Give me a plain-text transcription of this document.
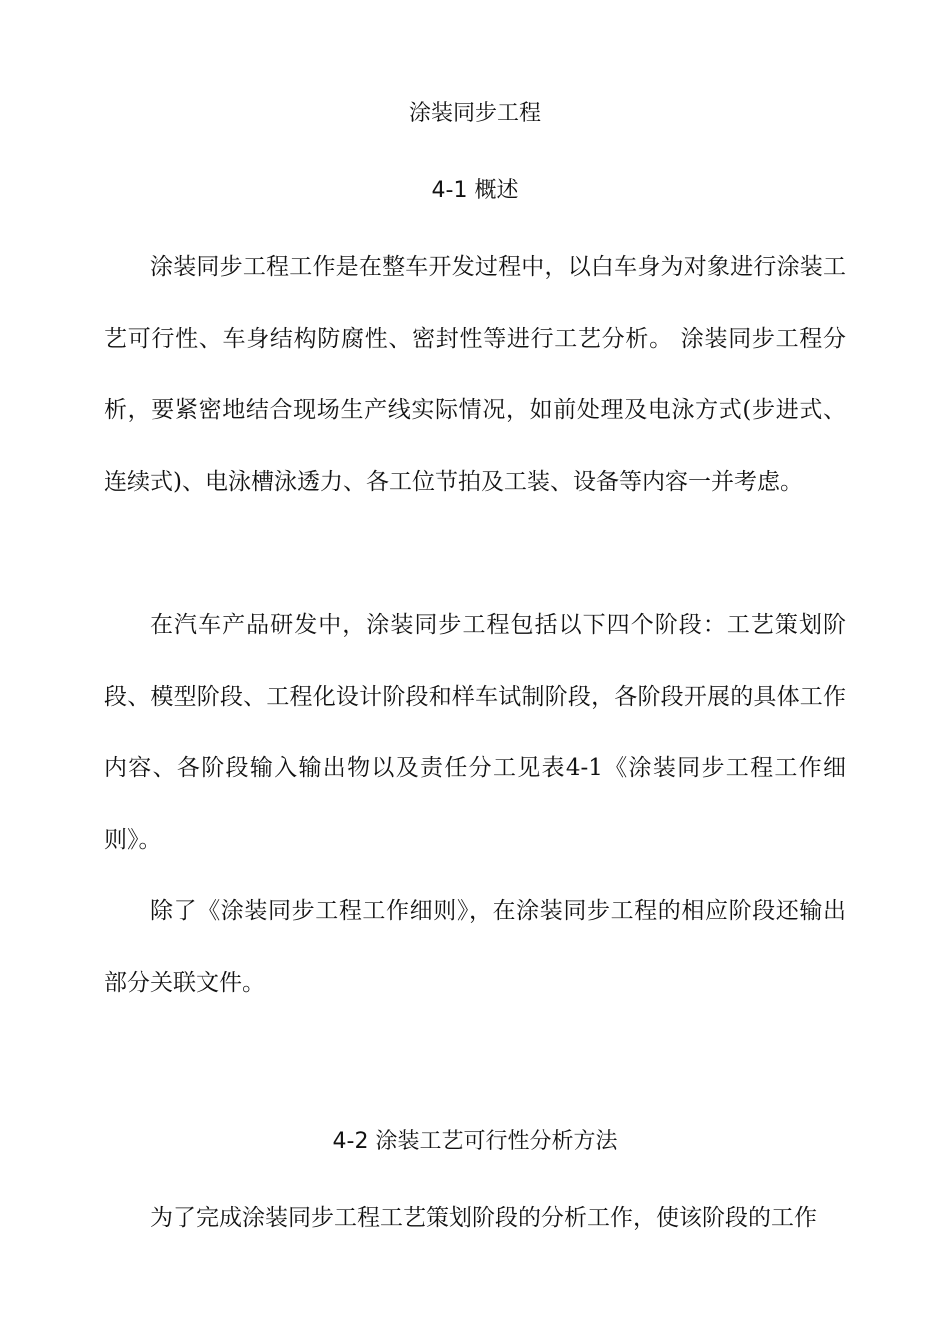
涂装同步工程
4-1 概述

涂装同步工程工作是在整车开发过程中，以白车身为对象进行涂装工艺可行性、车身结构防腐性、密封性等进行工艺分析。 涂装同步工程分析，要紧密地结合现场生产线实际情况，如前处理及电泳方式(步进式、连续式)、电泳槽泳透力、各工位节拍及工装、设备等内容一并考虑。

在汽车产品研发中，涂装同步工程包括以下四个阶段：工艺策划阶段、模型阶段、工程化设计阶段和样车试制阶段，各阶段开展的具体工作内容、各阶段输入输出物以及责任分工见表4-1《涂装同步工程工作细则》。

除了《涂装同步工程工作细则》，在涂装同步工程的相应阶段还输出部分关联文件。

4-2 涂装工艺可行性分析方法

为了完成涂装同步工程工艺策划阶段的分析工作，使该阶段的工作
